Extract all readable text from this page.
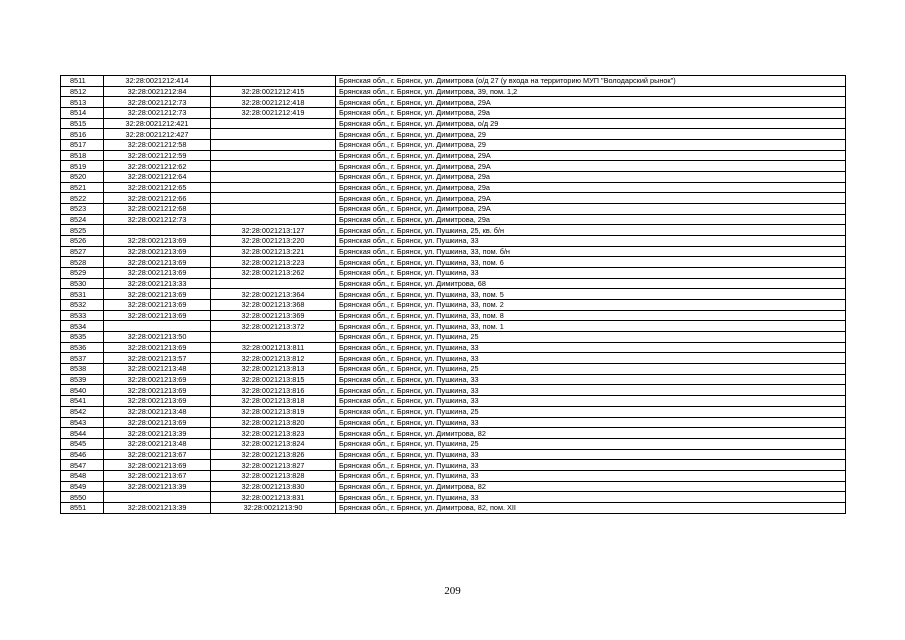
8511	32:28:0021212:414		Брянская обл., г. Брянск, ул. Димитрова (о/д 27 (у входа на территорию МУП "Володарский рынок")
8512	32:28:0021212:84	32:28:0021212:415	Брянская обл., г. Брянск, ул. Димитрова, 39, пом. 1,2
8513	32:28:0021212:73	32:28:0021212:418	Брянская обл., г. Брянск, ул. Димитрова, 29А
8514	32:28:0021212:73	32:28:0021212:419	Брянская обл., г. Брянск, ул. Димитрова, 29а
8515	32:28:0021212:421		Брянская обл., г. Брянск, ул. Димитрова, о/д 29
8516	32:28:0021212:427		Брянская обл., г. Брянск, ул. Димитрова, 29
8517	32:28:0021212:58		Брянская обл., г. Брянск, ул. Димитрова, 29
8518	32:28:0021212:59		Брянская обл., г. Брянск, ул. Димитрова, 29А
8519	32:28:0021212:62		Брянская обл., г. Брянск, ул. Димитрова, 29А
8520	32:28:0021212:64		Брянская обл., г. Брянск, ул. Димитрова, 29а
8521	32:28:0021212:65		Брянская обл., г. Брянск, ул. Димитрова, 29а
8522	32:28:0021212:66		Брянская обл., г. Брянск, ул. Димитрова, 29А
8523	32:28:0021212:68		Брянская обл., г. Брянск, ул. Димитрова, 29А
8524	32:28:0021212:73		Брянская обл., г. Брянск, ул. Димитрова, 29а
8525		32:28:0021213:127	Брянская обл., г. Брянск, ул. Пушкина, 25, кв. б/н
8526	32:28:0021213:69	32:28:0021213:220	Брянская обл., г. Брянск, ул. Пушкина, 33
8527	32:28:0021213:69	32:28:0021213:221	Брянская обл., г. Брянск, ул. Пушкина, 33, пом. б/н
8528	32:28:0021213:69	32:28:0021213:223	Брянская обл., г. Брянск, ул. Пушкина, 33, пом. 6
8529	32:28:0021213:69	32:28:0021213:262	Брянская обл., г. Брянск, ул. Пушкина, 33
8530	32:28:0021213:33		Брянская обл., г. Брянск, ул. Димитрова, 68
8531	32:28:0021213:69	32:28:0021213:364	Брянская обл., г. Брянск, ул. Пушкина, 33, пом. 5
8532	32:28:0021213:69	32:28:0021213:368	Брянская обл., г. Брянск, ул. Пушкина, 33, пом. 2
8533	32:28:0021213:69	32:28:0021213:369	Брянская обл., г. Брянск, ул. Пушкина, 33, пом. 8
8534		32:28:0021213:372	Брянская обл., г. Брянск, ул. Пушкина, 33, пом. 1
8535	32:28:0021213:50		Брянская обл., г. Брянск, ул. Пушкина, 25
8536	32:28:0021213:69	32:28:0021213:811	Брянская обл., г. Брянск, ул. Пушкина, 33
8537	32:28:0021213:57	32:28:0021213:812	Брянская обл., г. Брянск, ул. Пушкина, 33
8538	32:28:0021213:48	32:28:0021213:813	Брянская обл., г. Брянск, ул. Пушкина, 25
8539	32:28:0021213:69	32:28:0021213:815	Брянская обл., г. Брянск, ул. Пушкина, 33
8540	32:28:0021213:69	32:28:0021213:816	Брянская обл., г. Брянск, ул. Пушкина, 33
8541	32:28:0021213:69	32:28:0021213:818	Брянская обл., г. Брянск, ул. Пушкина, 33
8542	32:28:0021213:48	32:28:0021213:819	Брянская обл., г. Брянск, ул. Пушкина, 25
8543	32:28:0021213:69	32:28:0021213:820	Брянская обл., г. Брянск, ул. Пушкина, 33
8544	32:28:0021213:39	32:28:0021213:823	Брянская обл., г. Брянск, ул. Димитрова, 82
8545	32:28:0021213:48	32:28:0021213:824	Брянская обл., г. Брянск, ул. Пушкина, 25
8546	32:28:0021213:67	32:28:0021213:826	Брянская обл., г. Брянск, ул. Пушкина, 33
8547	32:28:0021213:69	32:28:0021213:827	Брянская обл., г. Брянск, ул. Пушкина, 33
8548	32:28:0021213:67	32:28:0021213:828	Брянская обл., г. Брянск, ул. Пушкина, 33
8549	32:28:0021213:39	32:28:0021213:830	Брянская обл., г. Брянск, ул. Димитрова, 82
8550		32:28:0021213:831	Брянская обл., г. Брянск, ул. Пушкина, 33
8551	32:28:0021213:39	32:28:0021213:90	Брянская обл., г. Брянск, ул. Димитрова, 82, пом. XII
209
